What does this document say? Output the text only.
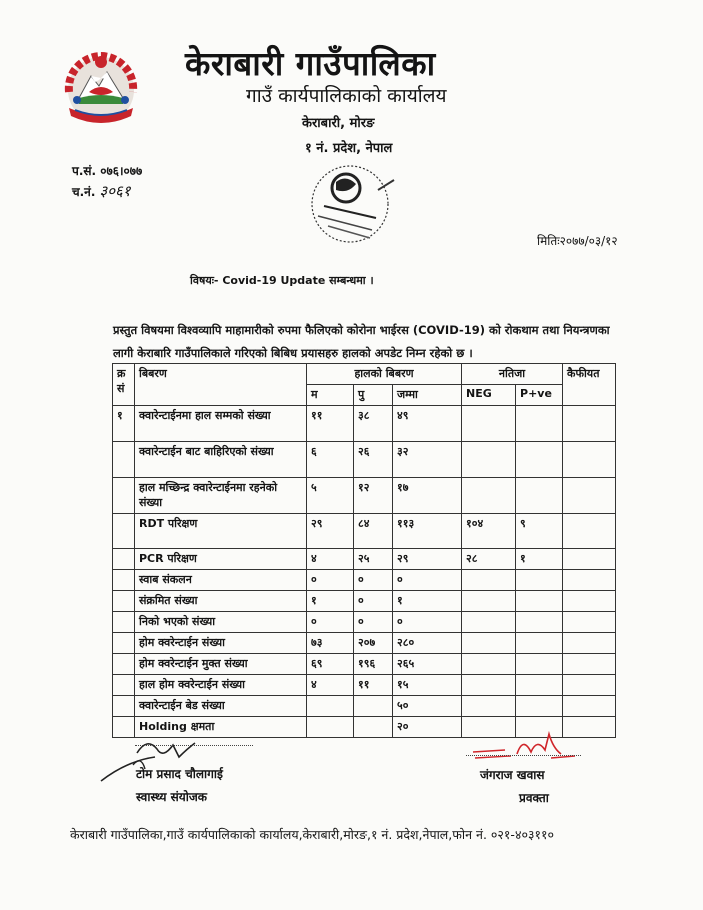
केराबारी गाउँपालिका
गाउँ कार्यपालिकाको कार्यालय
केराबारी, मोरङ
१ नं. प्रदेश, नेपाल
प.सं. ०७६।०७७
च.नं. ३०६१
मितिः२०७७/०३/१२
विषयः- Covid-19 Update सम्बन्धमा ।
प्रस्तुत विषयमा विश्वव्यापि माहामारीको रुपमा फैलिएको कोरोना भाईरस (COVID-19) को रोकथाम तथा नियन्त्रणका लागी केराबारि गाउँपालिकाले गरिएको बिबिध प्रयासहरु हालको अपडेट निम्न रहेको छ ।
क्र
सं	बिबरण	हालको बिबरण			नतिजा		कैफीयत
		म	पु	जम्मा	NEG	P+ve	
१	क्वारेन्टाईनमा हाल सम्मको संख्या	११	३८	४९			
	क्वारेन्टाईन बाट बाहिरिएको संख्या	६	२६	३२			
	हाल मच्छिन्द्र क्वारेन्टाईनमा रहनेको संख्या	५	१२	१७			
	RDT परिक्षण	२९	८४	११३	१०४	९	
	PCR परिक्षण	४	२५	२९	२८	१	
	स्वाब संकलन	०	०	०			
	संक्रमित संख्या	१	०	१			
	निको भएको संख्या	०	०	०			
	होम क्वरेन्टाईन संख्या	७३	२०७	२८०			
	होम क्वरेन्टाईन मुक्त संख्या	६९	१९६	२६५			
	हाल होम क्वरेन्टाईन संख्या	४	११	१५			
	क्वारेन्टाईन बेड संख्या			५०			
	Holding क्षमता			२०			
टोम प्रसाद चौलागाई
स्वास्थ्य संयोजक
जंगराज खवास
प्रवक्ता
केराबारी गाउँपालिका,गाउँ कार्यपालिकाको कार्यालय,केराबारी,मोरङ,१ नं. प्रदेश,नेपाल,फोन नं. ०२१-४०३११०
